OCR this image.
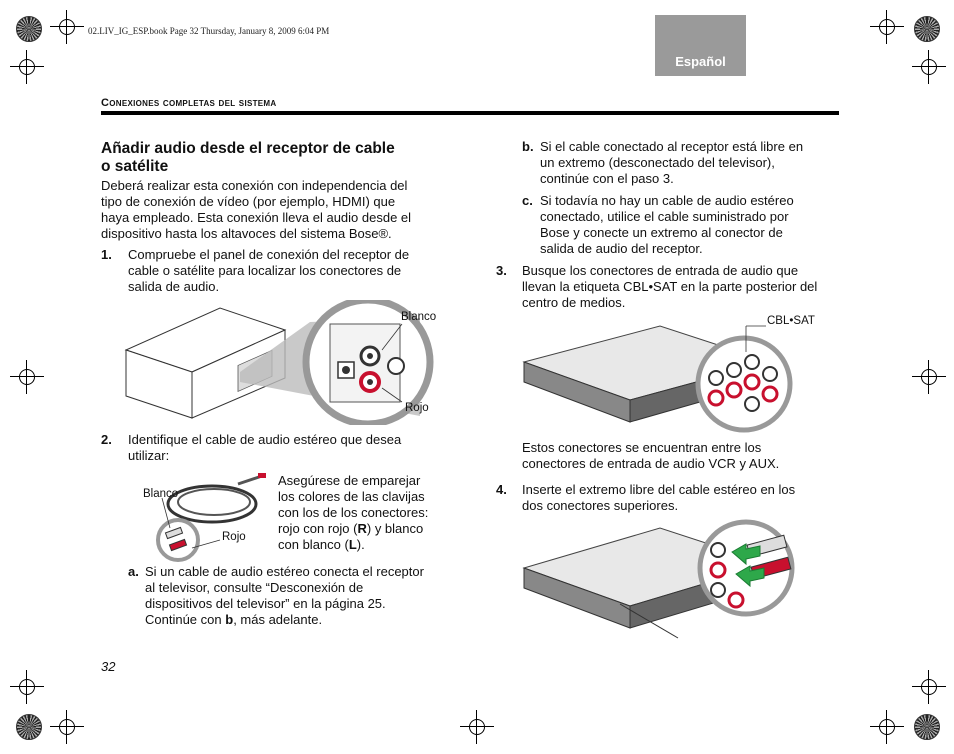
02.LIV_IG_ESP.book Page 32 Thursday, January 8, 2009 6:04 PM
Español
Conexiones completas del sistema
Añadir audio desde el receptor de cable
o satélite
Deberá realizar esta conexión con independencia del
tipo de conexión de vídeo (por ejemplo, HDMI) que
haya empleado. Esta conexión lleva el audio desde el
dispositivo hasta los altavoces del sistema Bose®.
1. Compruebe el panel de conexión del receptor de
cable o satélite para localizar los conectores de
salida de audio.
Blanco
Rojo
2. Identifique el cable de audio estéreo que desea
utilizar:
Blanco
Rojo
Asegúrese de emparejar
los colores de las clavijas
con los de los conectores:
rojo con rojo (R) y blanco
con blanco (L).
a. Si un cable de audio estéreo conecta el receptor
al televisor, consulte “Desconexión de
dispositivos del televisor” en la página 25.
Continúe con b, más adelante.
32
b. Si el cable conectado al receptor está libre en
un extremo (desconectado del televisor),
continúe con el paso 3.
c. Si todavía no hay un cable de audio estéreo
conectado, utilice el cable suministrado por
Bose y conecte un extremo al conector de
salida de audio del receptor.
3. Busque los conectores de entrada de audio que
llevan la etiqueta CBL•SAT en la parte posterior del
centro de medios.
CBL•SAT
Estos conectores se encuentran entre los
conectores de entrada de audio VCR y AUX.
4. Inserte el extremo libre del cable estéreo en los
dos conectores superiores.
